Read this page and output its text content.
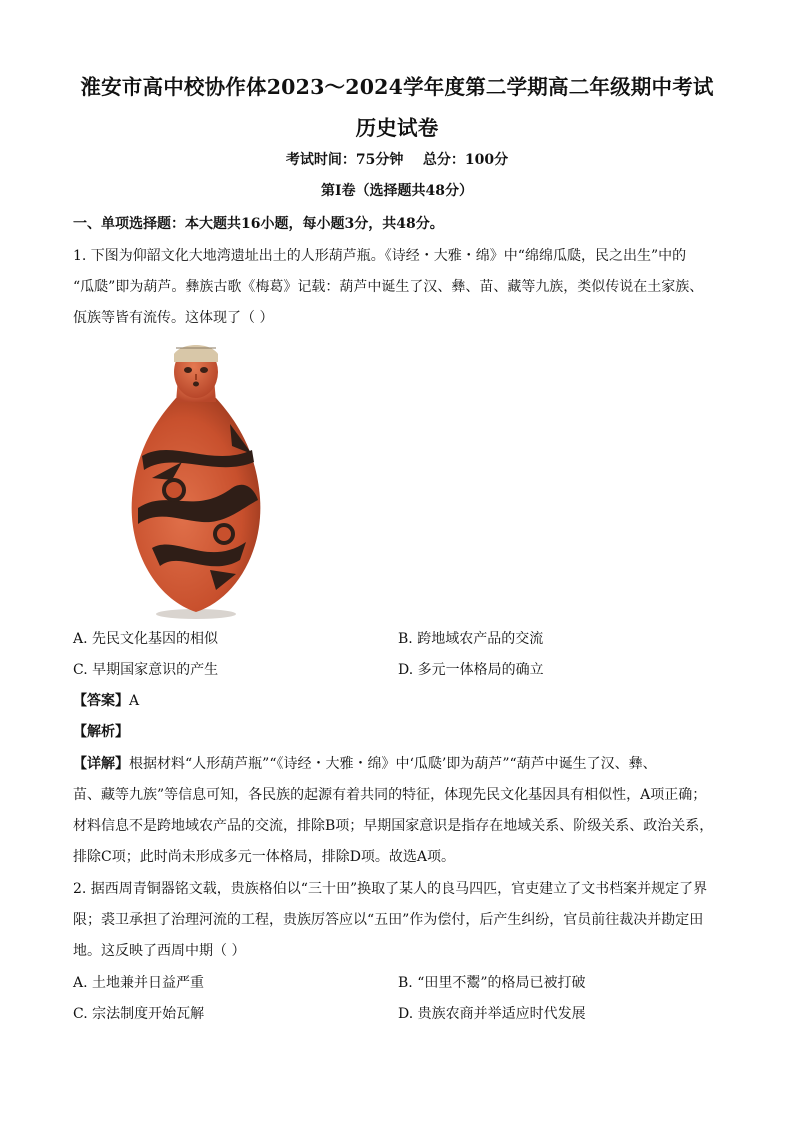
淮安市高中校协作体2023～2024学年度第二学期高二年级期中考试
历史试卷
考试时间：75分钟    总分：100分
第Ⅰ卷（选择题共48分）
一、单项选择题：本大题共16小题，每小题3分，共48分。
1. 下图为仰韶文化大地湾遗址出土的人形葫芦瓶。《诗经・大雅・绵》中“绵绵瓜瓞，民之出生”中的
“瓜瓞”即为葫芦。彝族古歌《梅葛》记载：葫芦中诞生了汉、彝、苗、藏等九族，类似传说在土家族、
佤族等皆有流传。这体现了（ ）
A. 先民文化基因的相似	B. 跨地域农产品的交流
C. 早期国家意识的产生	D. 多元一体格局的确立
【答案】A
【解析】
【详解】根据材料“人形葫芦瓶”“《诗经・大雅・绵》中‘瓜瓞’即为葫芦”“葫芦中诞生了汉、彝、
苗、藏等九族”等信息可知，各民族的起源有着共同的特征，体现先民文化基因具有相似性，A项正确；
材料信息不是跨地域农产品的交流，排除B项；早期国家意识是指存在地域关系、阶级关系、政治关系，
排除C项；此时尚未形成多元一体格局，排除D项。故选A项。
2. 据西周青铜器铭文载，贵族格伯以“三十田”换取了某人的良马四匹，官吏建立了文书档案并规定了界
限；裘卫承担了治理河流的工程，贵族厉答应以“五田”作为偿付，后产生纠纷，官员前往裁决并勘定田
地。这反映了西周中期（ ）
A. 土地兼并日益严重	B. “田里不鬻”的格局已被打破
C. 宗法制度开始瓦解	D. 贵族农商并举适应时代发展
